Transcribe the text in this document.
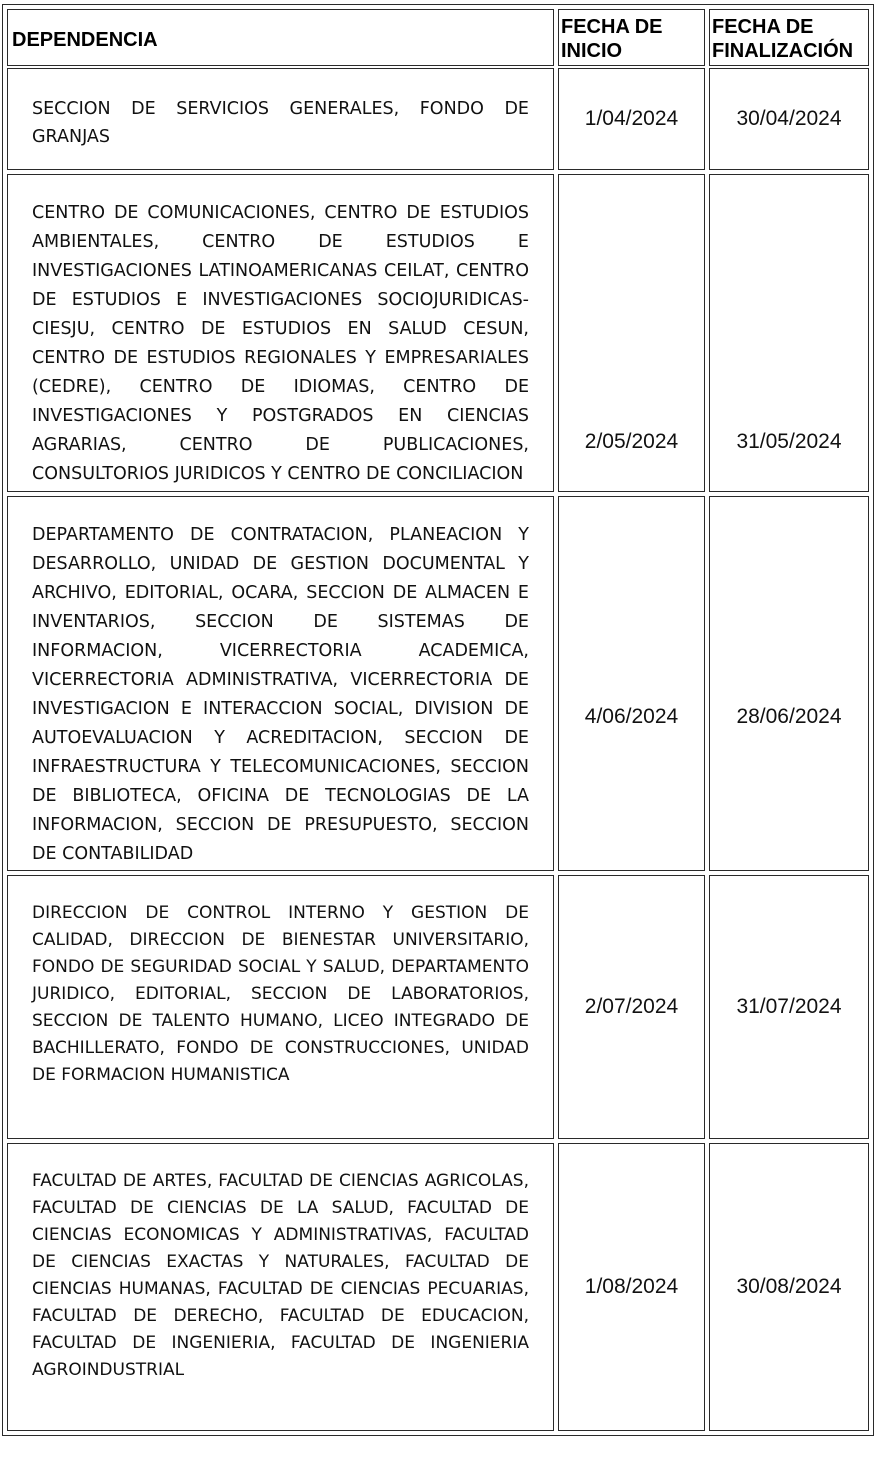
DEPENDENCIA
FECHA DE INICIO
FECHA DE FINALIZACIÓN
SECCION DE SERVICIOS GENERALES, FONDO DE GRANJAS
1/04/2024	30/04/2024
CENTRO DE COMUNICACIONES, CENTRO DE ESTUDIOS AMBIENTALES, CENTRO DE ESTUDIOS E INVESTIGACIONES LATINOAMERICANAS CEILAT, CENTRO DE ESTUDIOS E INVESTIGACIONES SOCIOJURIDICAS-CIESJU, CENTRO DE ESTUDIOS EN SALUD CESUN, CENTRO DE ESTUDIOS REGIONALES Y EMPRESARIALES (CEDRE), CENTRO DE IDIOMAS, CENTRO DE INVESTIGACIONES Y POSTGRADOS EN CIENCIAS AGRARIAS, CENTRO DE PUBLICACIONES, CONSULTORIOS JURIDICOS Y CENTRO DE CONCILIACION
2/05/2024	31/05/2024
DEPARTAMENTO DE CONTRATACION, PLANEACION Y DESARROLLO, UNIDAD DE GESTION DOCUMENTAL Y ARCHIVO, EDITORIAL, OCARA, SECCION DE ALMACEN E INVENTARIOS, SECCION DE SISTEMAS DE INFORMACION, VICERRECTORIA ACADEMICA, VICERRECTORIA ADMINISTRATIVA, VICERRECTORIA DE INVESTIGACION E INTERACCION SOCIAL, DIVISION DE AUTOEVALUACION Y ACREDITACION, SECCION DE INFRAESTRUCTURA Y TELECOMUNICACIONES, SECCION DE BIBLIOTECA, OFICINA DE TECNOLOGIAS DE LA INFORMACION, SECCION DE PRESUPUESTO, SECCION DE CONTABILIDAD
4/06/2024	28/06/2024
DIRECCION DE CONTROL INTERNO Y GESTION DE CALIDAD, DIRECCION DE BIENESTAR UNIVERSITARIO, FONDO DE SEGURIDAD SOCIAL Y SALUD, DEPARTAMENTO JURIDICO, EDITORIAL, SECCION DE LABORATORIOS, SECCION DE TALENTO HUMANO, LICEO INTEGRADO DE BACHILLERATO, FONDO DE CONSTRUCCIONES, UNIDAD DE FORMACION HUMANISTICA
2/07/2024	31/07/2024
FACULTAD DE ARTES, FACULTAD DE CIENCIAS AGRICOLAS, FACULTAD DE CIENCIAS DE LA SALUD, FACULTAD DE CIENCIAS ECONOMICAS Y ADMINISTRATIVAS, FACULTAD DE CIENCIAS EXACTAS Y NATURALES, FACULTAD DE CIENCIAS HUMANAS, FACULTAD DE CIENCIAS PECUARIAS, FACULTAD DE DERECHO, FACULTAD DE EDUCACION, FACULTAD DE INGENIERIA, FACULTAD DE INGENIERIA AGROINDUSTRIAL
1/08/2024	30/08/2024
